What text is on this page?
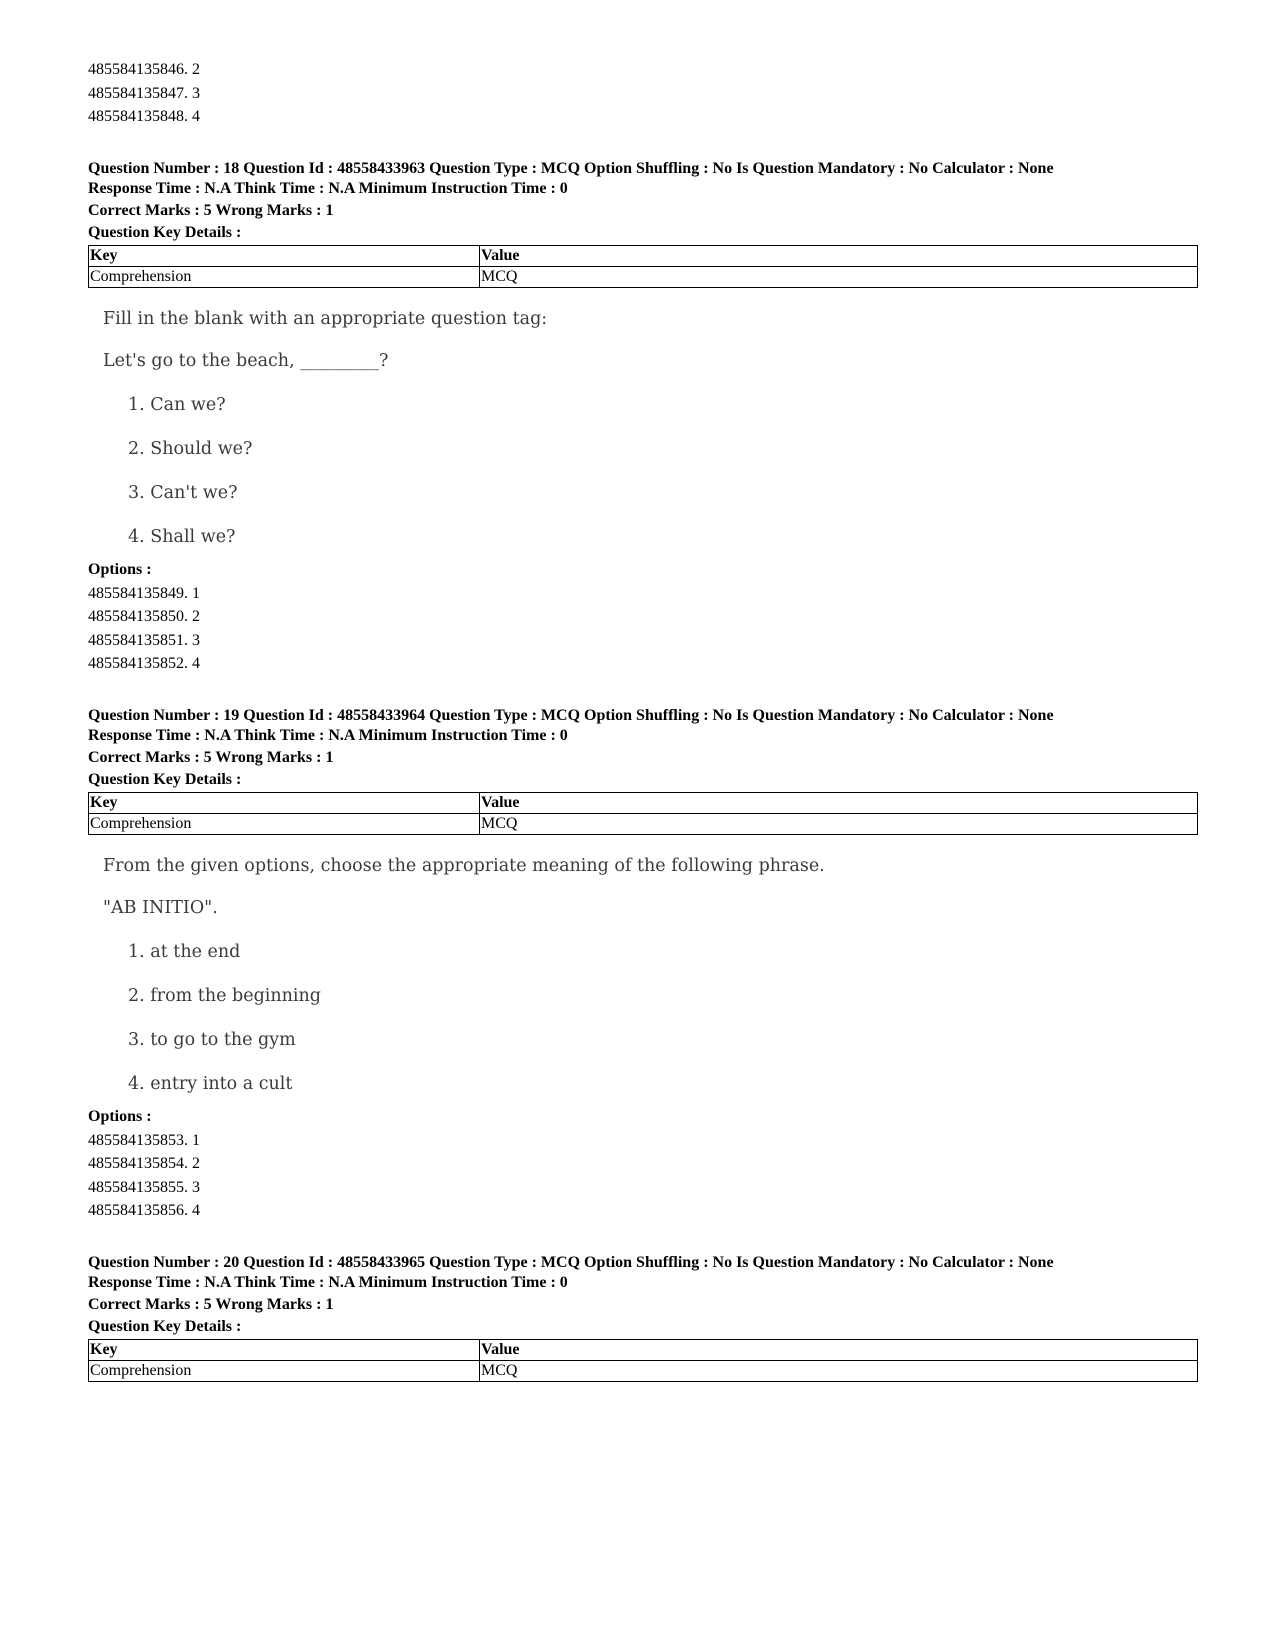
485584135846. 2

485584135847. 3

485584135848. 4

Question Number : 18 Question Id : 48558433963 Question Type : MCQ Option Shuffling : No Is Question Mandatory : No Calculator : None

Response Time : N.A Think Time : N.A Minimum Instruction Time : 0

Correct Marks : 5 Wrong Marks : 1

Question Key Details :

Key	Value
Comprehension	MCQ

Fill in the blank with an appropriate question tag:

Let's go to the beach, _________?

1. Can we?

2. Should we?

3. Can't we?

4. Shall we?

Options :

485584135849. 1

485584135850. 2

485584135851. 3

485584135852. 4

Question Number : 19 Question Id : 48558433964 Question Type : MCQ Option Shuffling : No Is Question Mandatory : No Calculator : None

Response Time : N.A Think Time : N.A Minimum Instruction Time : 0

Correct Marks : 5 Wrong Marks : 1

Question Key Details :

Key	Value
Comprehension	MCQ

From the given options, choose the appropriate meaning of the following phrase.

"AB INITIO".

1. at the end

2. from the beginning

3. to go to the gym

4. entry into a cult

Options :

485584135853. 1

485584135854. 2

485584135855. 3

485584135856. 4

Question Number : 20 Question Id : 48558433965 Question Type : MCQ Option Shuffling : No Is Question Mandatory : No Calculator : None

Response Time : N.A Think Time : N.A Minimum Instruction Time : 0

Correct Marks : 5 Wrong Marks : 1

Question Key Details :

Key	Value
Comprehension	MCQ
